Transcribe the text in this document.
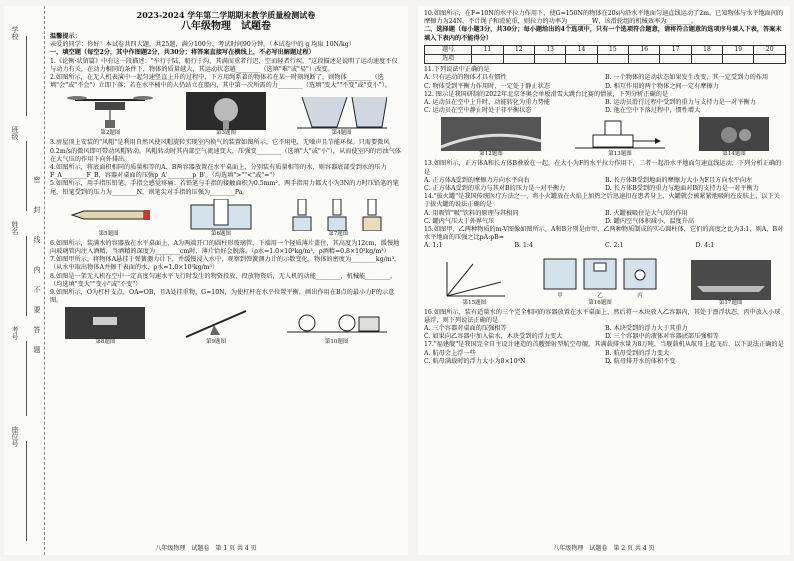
学校
班级
姓名
考号
座位号
密
封
线
内
不
要
答
题

2023-2024 学年第二学期期末教学质量检测试卷

八年级物理　试题卷

温馨提示：

亲爱的同学：你好！本试卷共四大题，共25题，满分100分，考试时间90分钟。（本试卷中的 g 均取 10N/kg）

一、填空题（每空2分，其中作图题2分，共30分；将答案直接写在横线上，不必写出解题过程）

1.《论衡·状留篇》中有这一段描述："车行于陆，船行于沟，其满而重者行迟，空而轻者行疾。"这段描述是说明了运动速度不仅与动力有关，在动力相同的条件下，物体的质量越大，其运动状态越________（选填"难"或"易"）改变。

2.如图所示，在无人机表演中一起匀速竖直上升的过程中，下方用绳系着的物体若在某一时刻绳断了，则物体________（选填"会"或"不会"）立即下落；若在水平桶中的人仍站立在船内，其中第一次所需的力________（选填"变大""不变"或"变小"）。

第2题图	第3题图	第4题图

3.房屋顶上安装的"风帽"是利用自然风使风帽旋转实现室内换气的装置如图所示。它不用电，无噪声且节能环保。只需要微风0.2m/s的微风即可带动风帽转动。风帽转动时其内部空气流速变大，压强变________（选填"大"或"小"），从而使室内的污浊气体在大气压的作用下向外排出。

4.如图所示，将底面积相同的质量相等的A、B两容器放置在水平桌面上，分别装有质量相等的水，则容器底部受到水的压力F_A________F_B，容器对桌面的压强p_A'________p_B'。（均选填">""<"或"="）

5.如图所示，用手指压铅笔，手指会感觉疼痛；若铅笔与手指的接触面积为0.5mm²，两手指用力都大小为3N的力时压铅笔的笔尾，铅笔受到的压力为________N，则笔尖对手指的压强为________Pa。

第5题图	第6题图	第7题图

6.如图所示，装满水的容器放在水平桌面上，A为两端开口的圆柱形玻璃管，下端用一个轻质薄片盖住，其高度为12cm，缓慢地向玻璃管内注入酒精，当酒精的深度为________cm时，薄片恰好会脱落。（ρ水=1.0×10³kg/m³，ρ酒精=0.8×10³kg/m³）

7.如图甲所示，将物体A悬挂于弹簧测力计下，并缓慢浸入水中，观察到弹簧测力计的示数变化，物体的密度为________kg/m³。（从水中取出物体A并擦干表面的水，ρ水=1.0×10³kg/m³）

8.如图是一架无人机在空中一定高度匀速水平飞行时发生的物资投放，投放物资后，无人机的动能________，机械能________。（均选填"变大""变小"或"不变"）

9.如图所示，O为杠杆支点，OA=OB，且A处挂重物，G=10N，为使杠杆在水平位置平衡，画出作用在B点的最小力F的示意图。

第8题图	第9题图	第10题图
八年级物理　试题卷　第 1 页 共 4 页

10.如图所示，在F=10N的水平拉力作用下，使G=150N的物体在20s内沿水平地面匀速直线运动了2m，已知物体与水平地面间的摩擦力为24N，不计绳子和滑轮重，则拉力的功率为________W，该滑轮组的机械效率为________。

二、选择题（每小题3分，共30分；每小题给出的4个选项中，只有一个选项符合题意，请将符合题意的选项序号填入下表，答案未填入下表内的不能得分）

题号	11	12	13	14	15	16	17	18	19	20
选项										

11.下列说法中正确的是

A. 只有运动的物体才具有惯性	B. 一个物体的运动状态如果发生改变，其一定受到力的作用
C. 物体受到平衡力作用时，一定处于静止状态	D. 相互作用的两个物体之间一定有摩擦力

12. 图示是我国研制的2022年北京冬奥会单板滑雪大跳台比赛的情景，下列分析正确的是

A. 运动员在空中上升时，动能转化为重力势能	B. 运动员滑行过程中受到的重力与支持力是一对平衡力
C. 运动员在空中静止时处于非平衡状态	D. 他在空中下落过程中，惯性增大
第12题图	第13题图	第14题图

13.如图所示，正方体A和长方体B叠放在一起，在大小为F的水平拉力作用下，二者一起沿水平地面匀速直线运动，下列分析正确的是

A. 正方体A受到的摩擦力方向水平向右	B. 长方体B受到地面的摩擦力大小为F且方向水平向左
C. 正方体A受到的重力与其对B的压力是一对平衡力	D. 长方体B受到的重力与地面对B的支持力是一对平衡力

14."拔火罐"是我国传统医疗方法之一，将小火罐放在火焰上加热之后迅速扣在患者身上，火罐就会被紧紧地吸附在皮肤上，以下关于拔火罐的说法正确的是

A. 用吸管"吸"饮料的原理与其相同	B. 火罐被吸住是大气压的作用
C. 罐内气压大于外界气压	D. 罐内空气体积减小，温度升高

15.如图甲、乙两种物质的m-V图像如图所示，A和B分别是由甲、乙两种物质制成的实心圆柱体，它们的高度之比为3:1，则A、B对水平地面的压强之比pA:pB=

A. 1:1	B. 1:4	C. 2:1	D. 4:1
第15题图
甲	乙	丙
第16题图	第17题图

16.如图所示，装有适量水的三个完全相同的容器放置在水平桌面上，然后将一木块放入乙容器内，其处于漂浮状态，丙中放入小球悬浮，则下列说法正确的是

A. 三个容器对桌面的压强相等	B. 木块受到的浮力大于其重力
C. 如果向乙容器中加入盐水，木块受到的浮力变大	D. 三个容器中的液体对容器底部压强相等

17."福建舰"是我国完全自主设计建造的首艘弹射型航空母舰，其满载排水量为8万吨，当舰载机从航母上起飞后，以下说法正确的是

A. 航母会上浮一些	B. 航母受到的浮力变大
C. 航母满载时的浮力大小为8×10⁸N	D. 航母排开水的体积不变
八年级物理　试题卷　第 2 页 共 4 页
